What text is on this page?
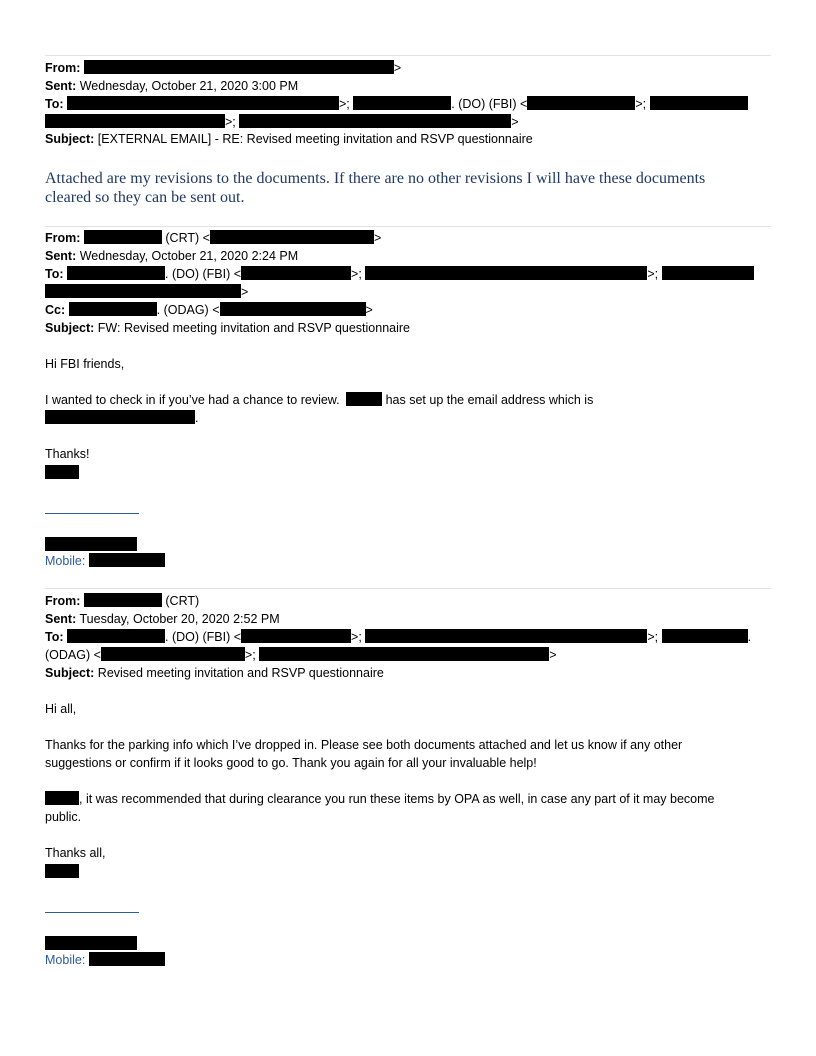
From:	>
Sent: Wednesday, October 21, 2020 3:00 PM
To:	>;	. (DO) (FBI) <	>;
>;	>
Subject: [EXTERNAL EMAIL] - RE: Revised meeting invitation and RSVP questionnaire
Attached are my revisions to the documents. If there are no other revisions I will have these documents cleared so they can be sent out.
From:	(CRT) <	>
Sent: Wednesday, October 21, 2020 2:24 PM
To:	. (DO) (FBI) <	>;	>;
>
Cc:	. (ODAG) <	>
Subject: FW: Revised meeting invitation and RSVP questionnaire
Hi FBI friends,
I wanted to check in if you’ve had a chance to review.	has set up the email address which is
.
Thanks!
Mobile:
From:	(CRT)
Sent: Tuesday, October 20, 2020 2:52 PM
To:	. (DO) (FBI) <	>;	>;	.
(ODAG) <	>;	>
Subject: Revised meeting invitation and RSVP questionnaire
Hi all,
Thanks for the parking info which I’ve dropped in. Please see both documents attached and let us know if any other
suggestions or confirm if it looks good to go. Thank you again for all your invaluable help!
, it was recommended that during clearance you run these items by OPA as well, in case any part of it may become
public.
Thanks all,
Mobile:
